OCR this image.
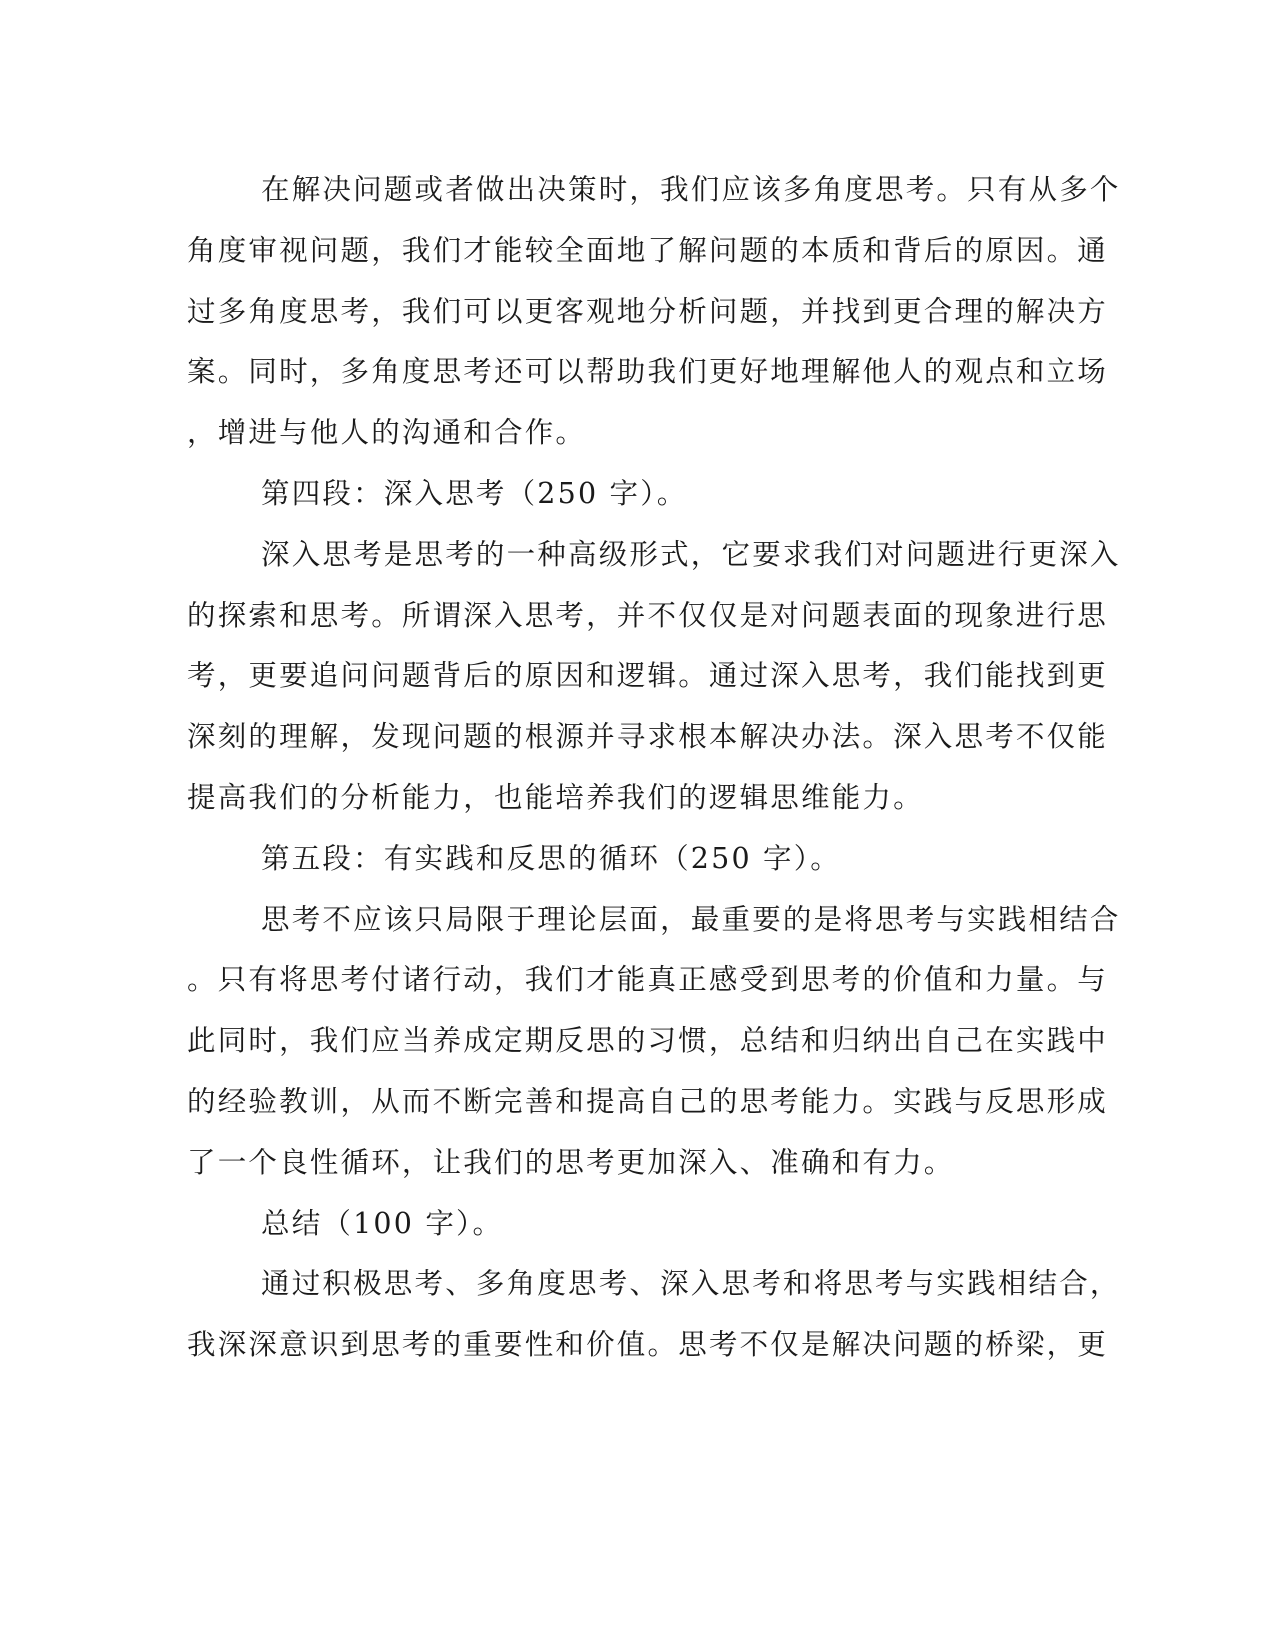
在解决问题或者做出决策时，我们应该多角度思考。只有从多个
角度审视问题，我们才能较全面地了解问题的本质和背后的原因。通
过多角度思考，我们可以更客观地分析问题，并找到更合理的解决方
案。同时，多角度思考还可以帮助我们更好地理解他人的观点和立场
，增进与他人的沟通和合作。
第四段：深入思考（250 字）。
深入思考是思考的一种高级形式，它要求我们对问题进行更深入
的探索和思考。所谓深入思考，并不仅仅是对问题表面的现象进行思
考，更要追问问题背后的原因和逻辑。通过深入思考，我们能找到更
深刻的理解，发现问题的根源并寻求根本解决办法。深入思考不仅能
提高我们的分析能力，也能培养我们的逻辑思维能力。
第五段：有实践和反思的循环（250 字）。
思考不应该只局限于理论层面，最重要的是将思考与实践相结合
。只有将思考付诸行动，我们才能真正感受到思考的价值和力量。与
此同时，我们应当养成定期反思的习惯，总结和归纳出自己在实践中
的经验教训，从而不断完善和提高自己的思考能力。实践与反思形成
了一个良性循环，让我们的思考更加深入、准确和有力。
总结（100 字）。
通过积极思考、多角度思考、深入思考和将思考与实践相结合，
我深深意识到思考的重要性和价值。思考不仅是解决问题的桥梁，更
